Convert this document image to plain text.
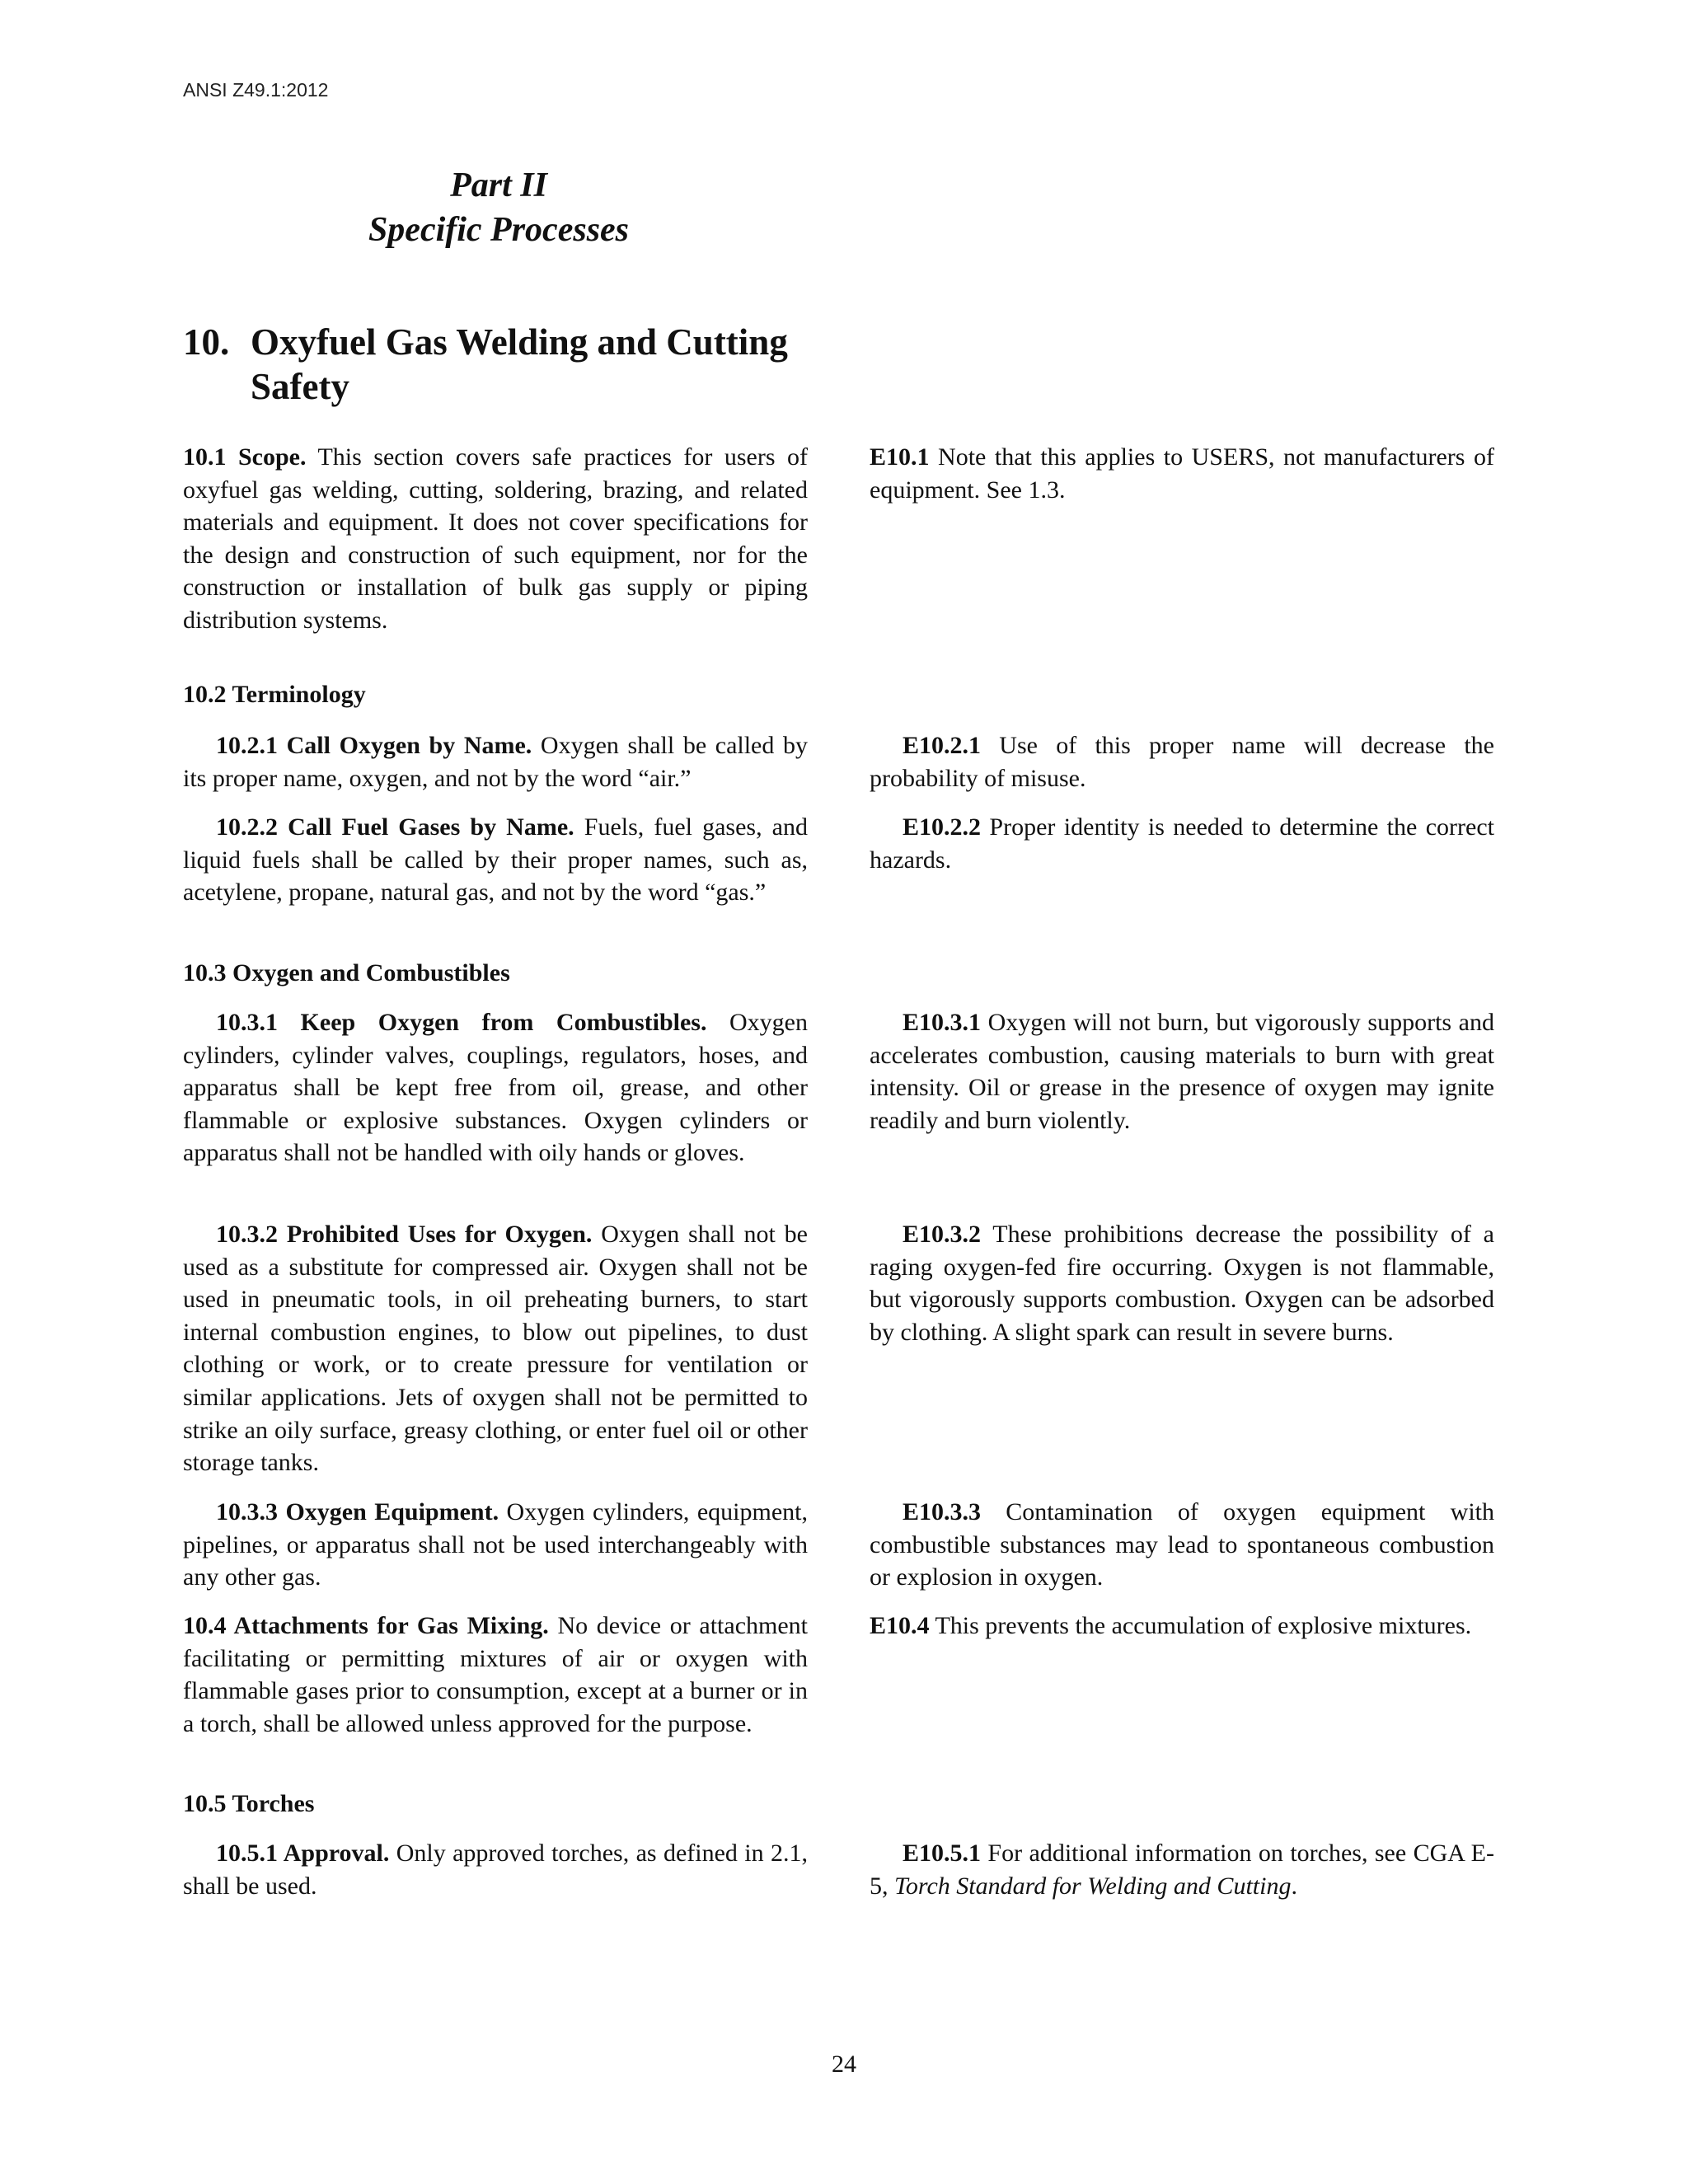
ANSI Z49.1:2012
Part II
Specific Processes
10. Oxyfuel Gas Welding and Cutting
Safety
10.1 Scope. This section covers safe practices for users of oxyfuel gas welding, cutting, soldering, brazing, and related materials and equipment. It does not cover specifications for the design and construction of such equipment, nor for the construction or installation of bulk gas supply or piping distribution systems.
10.2 Terminology
10.2.1 Call Oxygen by Name. Oxygen shall be called by its proper name, oxygen, and not by the word “air.”
10.2.2 Call Fuel Gases by Name. Fuels, fuel gases, and liquid fuels shall be called by their proper names, such as, acetylene, propane, natural gas, and not by the word “gas.”
10.3 Oxygen and Combustibles
10.3.1 Keep Oxygen from Combustibles. Oxygen cylinders, cylinder valves, couplings, regulators, hoses, and apparatus shall be kept free from oil, grease, and other flammable or explosive substances. Oxygen cylinders or apparatus shall not be handled with oily hands or gloves.
10.3.2 Prohibited Uses for Oxygen. Oxygen shall not be used as a substitute for compressed air. Oxygen shall not be used in pneumatic tools, in oil preheating burners, to start internal combustion engines, to blow out pipelines, to dust clothing or work, or to create pressure for ventilation or similar applications. Jets of oxygen shall not be permitted to strike an oily surface, greasy clothing, or enter fuel oil or other storage tanks.
10.3.3 Oxygen Equipment. Oxygen cylinders, equipment, pipelines, or apparatus shall not be used interchangeably with any other gas.
10.4 Attachments for Gas Mixing. No device or attachment facilitating or permitting mixtures of air or oxygen with flammable gases prior to consumption, except at a burner or in a torch, shall be allowed unless approved for the purpose.
10.5 Torches
10.5.1 Approval. Only approved torches, as defined in 2.1, shall be used.
E10.1 Note that this applies to USERS, not manufacturers of equipment. See 1.3.
E10.2.1 Use of this proper name will decrease the probability of misuse.
E10.2.2 Proper identity is needed to determine the correct hazards.
E10.3.1 Oxygen will not burn, but vigorously supports and accelerates combustion, causing materials to burn with great intensity. Oil or grease in the presence of oxygen may ignite readily and burn violently.
E10.3.2 These prohibitions decrease the possibility of a raging oxygen-fed fire occurring. Oxygen is not flammable, but vigorously supports combustion. Oxygen can be adsorbed by clothing. A slight spark can result in severe burns.
E10.3.3 Contamination of oxygen equipment with combustible substances may lead to spontaneous combustion or explosion in oxygen.
E10.4 This prevents the accumulation of explosive mixtures.
E10.5.1 For additional information on torches, see CGA E-5, Torch Standard for Welding and Cutting.
24
